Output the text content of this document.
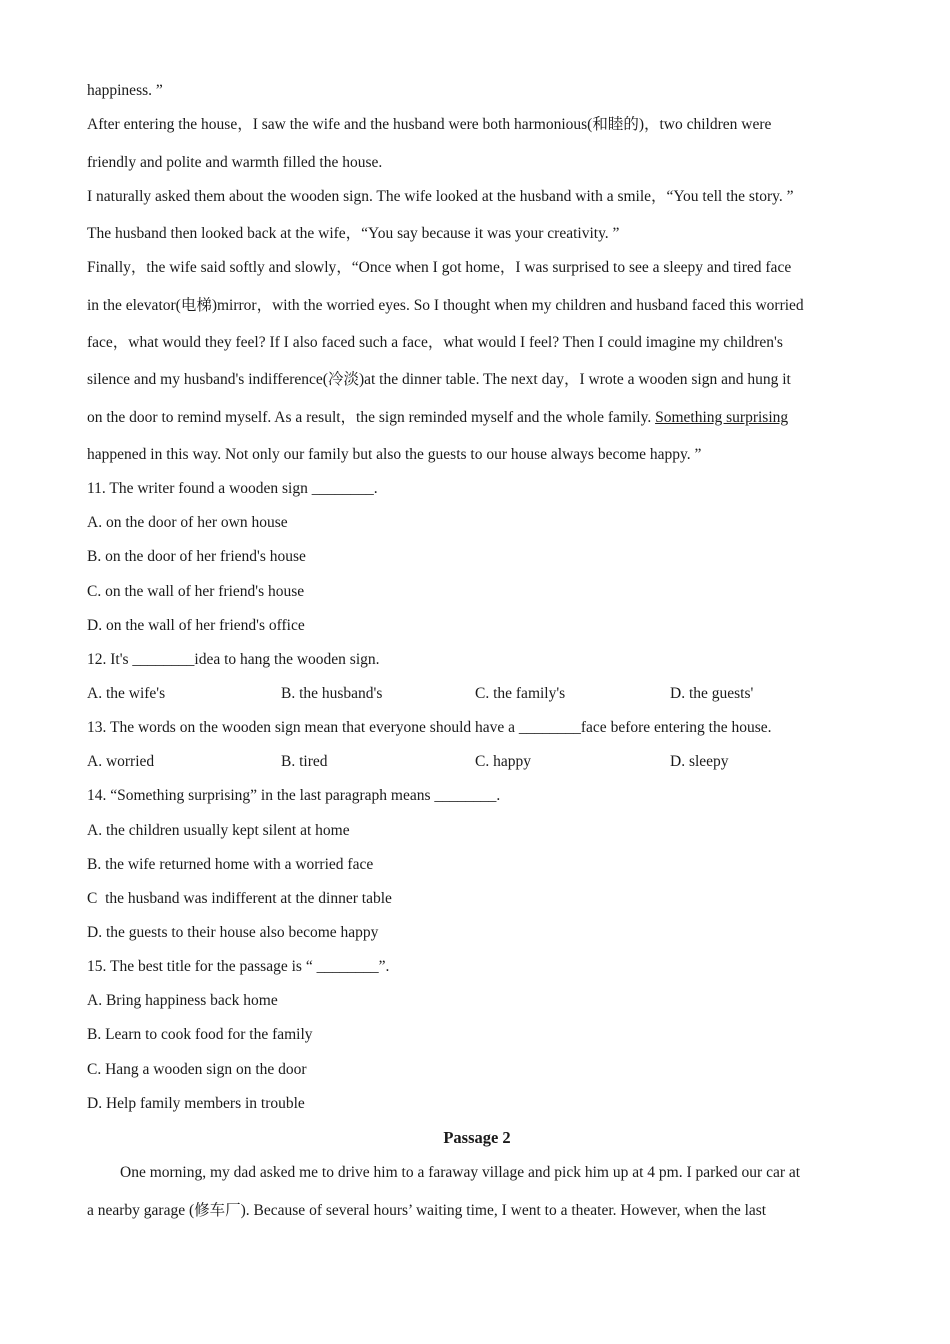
happiness. ”
After entering the house，I saw the wife and the husband were both harmonious(和睦的)，two children were
friendly and polite and warmth filled the house.
I naturally asked them about the wooden sign. The wife looked at the husband with a smile，“You tell the story. ”
The husband then looked back at the wife，“You say because it was your creativity. ”
Finally，the wife said softly and slowly，“Once when I got home，I was surprised to see a sleepy and tired face
in the elevator(电梯)mirror，with the worried eyes. So I thought when my children and husband faced this worried
face，what would they feel? If I also faced such a face，what would I feel? Then I could imagine my children's
silence and my husband's indifference(冷淡)at the dinner table. The next day，I wrote a wooden sign and hung it
on the door to remind myself. As a result，the sign reminded myself and the whole family. Something surprising
happened in this way. Not only our family but also the guests to our house always become happy. ”
11. The writer found a wooden sign ________.
A. on the door of her own house
B. on the door of her friend's house
C. on the wall of her friend's house
D. on the wall of her friend's office
12. It's ________idea to hang the wooden sign.
A. the wife's	B. the husband's	C. the family's	D. the guests'
13. The words on the wooden sign mean that everyone should have a ________face before entering the house.
A. worried	B. tired	C. happy	D. sleepy
14. “Something surprising” in the last paragraph means ________.
A. the children usually kept silent at home
B. the wife returned home with a worried face
C  the husband was indifferent at the dinner table
D. the guests to their house also become happy
15. The best title for the passage is “ ________”.
A. Bring happiness back home
B. Learn to cook food for the family
C. Hang a wooden sign on the door
D. Help family members in trouble
Passage 2
One morning, my dad asked me to drive him to a faraway village and pick him up at 4 pm. I parked our car at
a nearby garage (修车厂). Because of several hours’ waiting time, I went to a theater. However, when the last
